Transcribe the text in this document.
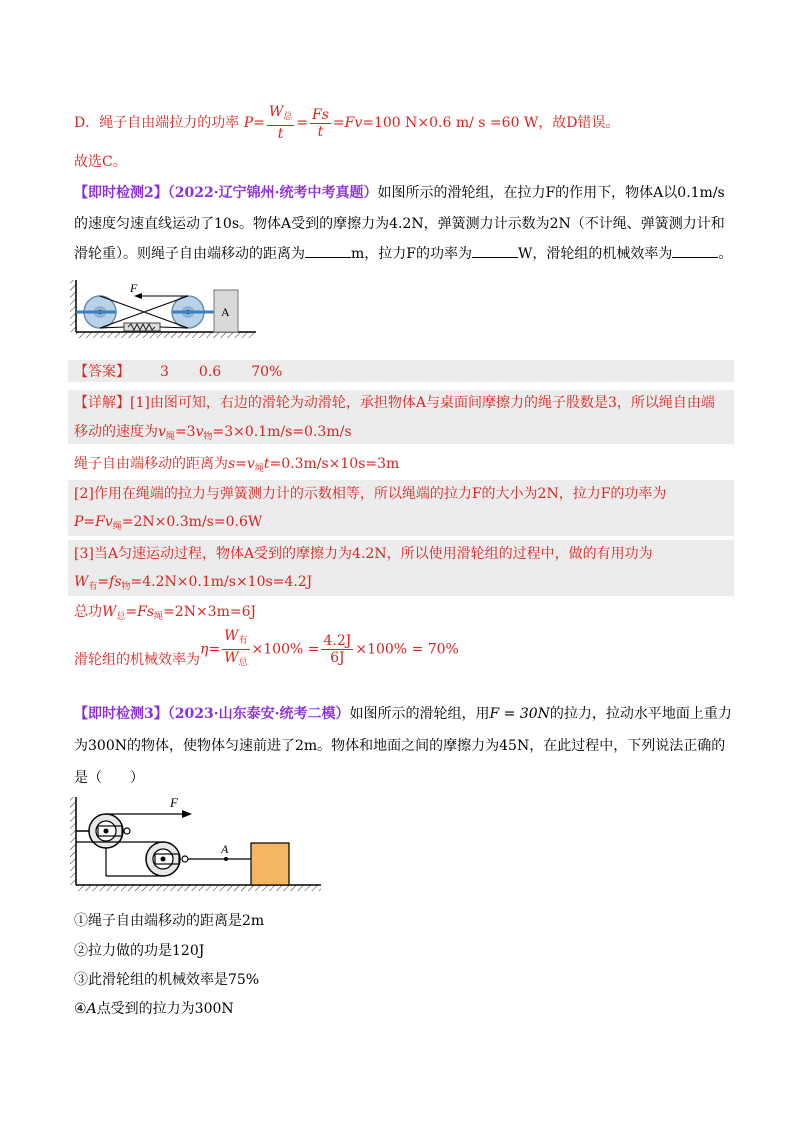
D．绳子自由端拉力的功率 $P= \frac{W_总}{t} = \frac{Fs}{t} =Fv=100$ N×0.6 m/ s =60 W，故D错误。
故选C。
【即时检测2】（2022·辽宁锦州·统考中考真题）如图所示的滑轮组，在拉力F的作用下，物体A以0.1m/s
的速度匀速直线运动了10s。物体A受到的摩擦力为4.2N，弹簧测力计示数为2N（不计绳、弹簧测力计和
滑轮重）。则绳子自由端移动的距离为	m，拉力F的功率为	W，滑轮组的机械效率为	。
F
A
【答案】 3 0.6 70%
【详解】[1]由图可知，右边的滑轮为动滑轮，承担物体A与桌面间摩擦力的绳子股数是3，所以绳自由端
移动的速度为$v_绳=3v_物=3\times 0.1m/s=0.3m/s$
绳子自由端移动的距离为$s=v_绳t=0.3m/s\times 10s=3m$
[2]作用在绳端的拉力与弹簧测力计的示数相等，所以绳端的拉力F的大小为2N，拉力F的功率为
$P=Fv_绳=2N\times 0.3m/s=0.6W$
[3]当A匀速运动过程，物体A受到的摩擦力为4.2N，所以使用滑轮组的过程中，做的有用功为
$W_有=fs_物=4.2N\times 0.1m/s\times 10s=4.2J$
总功$W_总=Fs_绳=2N\times 3m=6J$
滑轮组的机械效率为
$\eta= \frac{W_有}{W_总} \times 100\% = \frac{4.2J}{6J} \times 100\% = 70\%$
【即时检测3】（2023·山东泰安·统考二模）如图所示的滑轮组，用F = 30N的拉力，拉动水平地面上重力
为300N的物体，使物体匀速前进了2m。物体和地面之间的摩擦力为45N，在此过程中，下列说法正确的
是（　　）
F
A
①绳子自由端移动的距离是2m
②拉力做的功是120J
③此滑轮组的机械效率是75%
④A点受到的拉力为300N
